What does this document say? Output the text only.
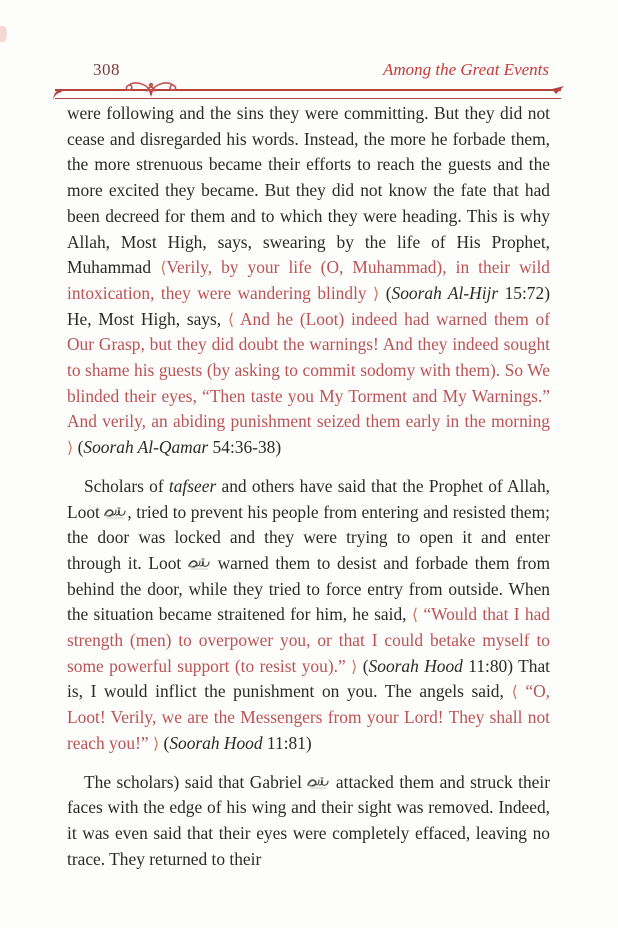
308	Among the Great Events

were following and the sins they were committing. But they did not cease and disregarded his words. Instead, the more he forbade them, the more strenuous became their efforts to reach the guests and the more excited they became. But they did not know the fate that had been decreed for them and to which they were heading. This is why Allah, Most High, says, swearing by the life of His Prophet, Muhammad ⟨Verily, by your life (O, Muhammad), in their wild intoxication, they were wandering blindly ⟩ (Soorah Al-Hijr 15:72) He, Most High, says, ⟨ And he (Loot) indeed had warned them of Our Grasp, but they did doubt the warnings! And they indeed sought to shame his guests (by asking to commit sodomy with them). So We blinded their eyes, “Then taste you My Torment and My Warnings.” And verily, an abiding punishment seized them early in the morning ⟩ (Soorah Al-Qamar 54:36-38)

Scholars of tafseer and others have said that the Prophet of Allah, Loot , tried to prevent his people from entering and resisted them; the door was locked and they were trying to open it and enter through it. Loot  warned them to desist and forbade them from behind the door, while they tried to force entry from outside. When the situation became straitened for him, he said, ⟨ “Would that I had strength (men) to overpower you, or that I could betake myself to some powerful support (to resist you).” ⟩ (Soorah Hood 11:80) That is, I would inflict the punishment on you. The angels said, ⟨ “O, Loot! Verily, we are the Messengers from your Lord! They shall not reach you!” ⟩ (Soorah Hood 11:81)

The scholars) said that Gabriel  attacked them and struck their faces with the edge of his wing and their sight was removed. Indeed, it was even said that their eyes were completely effaced, leaving no trace. They returned to their
